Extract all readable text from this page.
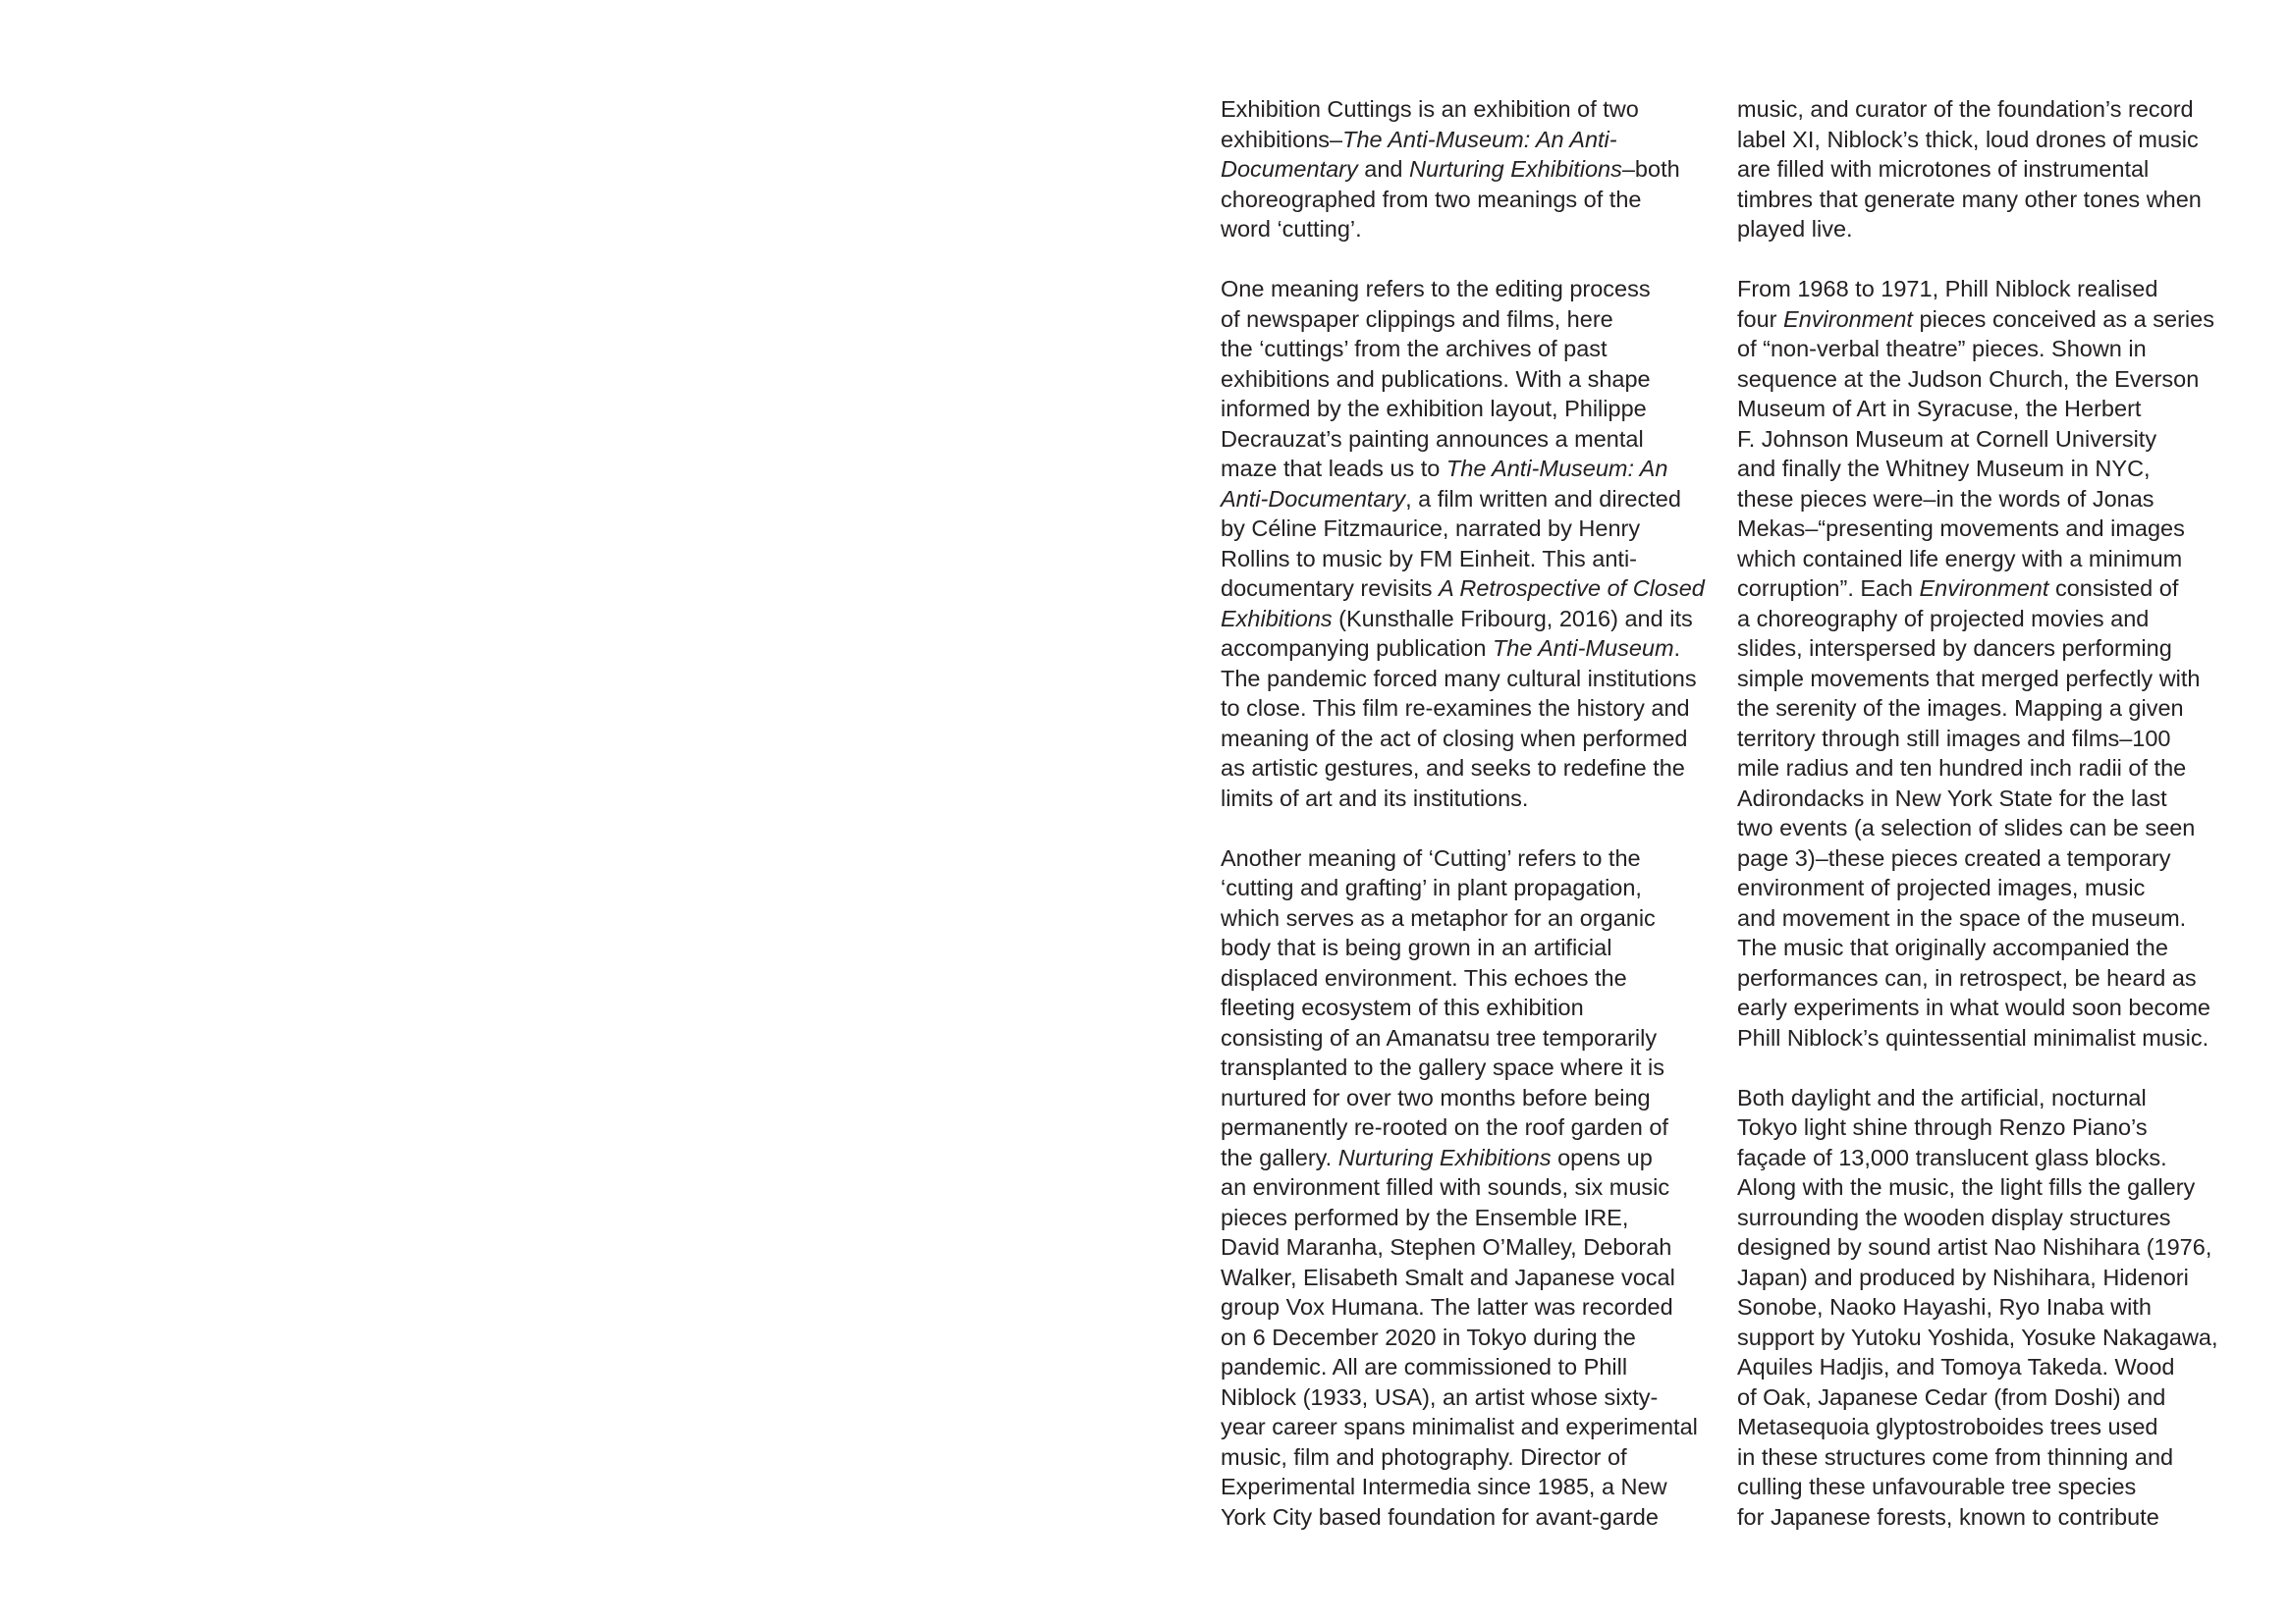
Exhibition Cuttings is an exhibition of two
exhibitions–The Anti-Museum: An Anti-
Documentary and Nurturing Exhibitions–both
choreographed from two meanings of the
word ‘cutting’.

One meaning refers to the editing process
of newspaper clippings and films, here
the ‘cuttings’ from the archives of past
exhibitions and publications. With a shape
informed by the exhibition layout, Philippe
Decrauzat’s painting announces a mental
maze that leads us to The Anti-Museum: An
Anti-Documentary, a film written and directed
by Céline Fitzmaurice, narrated by Henry
Rollins to music by FM Einheit. This anti-
documentary revisits A Retrospective of Closed
Exhibitions (Kunsthalle Fribourg, 2016) and its
accompanying publication The Anti-Museum.
The pandemic forced many cultural institutions
to close. This film re-examines the history and
meaning of the act of closing when performed
as artistic gestures, and seeks to redefine the
limits of art and its institutions.

Another meaning of ‘Cutting’ refers to the
‘cutting and grafting’ in plant propagation,
which serves as a metaphor for an organic
body that is being grown in an artificial
displaced environment. This echoes the
fleeting ecosystem of this exhibition
consisting of an Amanatsu tree temporarily
transplanted to the gallery space where it is
nurtured for over two months before being
permanently re-rooted on the roof garden of
the gallery. Nurturing Exhibitions opens up
an environment filled with sounds, six music
pieces performed by the Ensemble IRE,
David Maranha, Stephen O’Malley, Deborah
Walker, Elisabeth Smalt and Japanese vocal
group Vox Humana. The latter was recorded
on 6 December 2020 in Tokyo during the
pandemic. All are commissioned to Phill
Niblock (1933, USA), an artist whose sixty-
year career spans minimalist and experimental
music, film and photography. Director of
Experimental Intermedia since 1985, a New
York City based foundation for avant-garde

music, and curator of the foundation’s record
label XI, Niblock’s thick, loud drones of music
are filled with microtones of instrumental
timbres that generate many other tones when
played live.

From 1968 to 1971, Phill Niblock realised
four Environment pieces conceived as a series
of “non-verbal theatre” pieces. Shown in
sequence at the Judson Church, the Everson
Museum of Art in Syracuse, the Herbert
F. Johnson Museum at Cornell University
and finally the Whitney Museum in NYC,
these pieces were–in the words of Jonas
Mekas–“presenting movements and images
which contained life energy with a minimum
corruption”. Each Environment consisted of
a choreography of projected movies and
slides, interspersed by dancers performing
simple movements that merged perfectly with
the serenity of the images. Mapping a given
territory through still images and films–100
mile radius and ten hundred inch radii of the
Adirondacks in New York State for the last
two events (a selection of slides can be seen
page 3)–these pieces created a temporary
environment of projected images, music
and movement in the space of the museum.
The music that originally accompanied the
performances can, in retrospect, be heard as
early experiments in what would soon become
Phill Niblock’s quintessential minimalist music.

Both daylight and the artificial, nocturnal
Tokyo light shine through Renzo Piano’s
façade of 13,000 translucent glass blocks.
Along with the music, the light fills the gallery
surrounding the wooden display structures
designed by sound artist Nao Nishihara (1976,
Japan) and produced by Nishihara, Hidenori
Sonobe, Naoko Hayashi, Ryo Inaba with
support by Yutoku Yoshida, Yosuke Nakagawa,
Aquiles Hadjis, and Tomoya Takeda. Wood
of Oak, Japanese Cedar (from Doshi) and
Metasequoia glyptostroboides trees used
in these structures come from thinning and
culling these unfavourable tree species
for Japanese forests, known to contribute
